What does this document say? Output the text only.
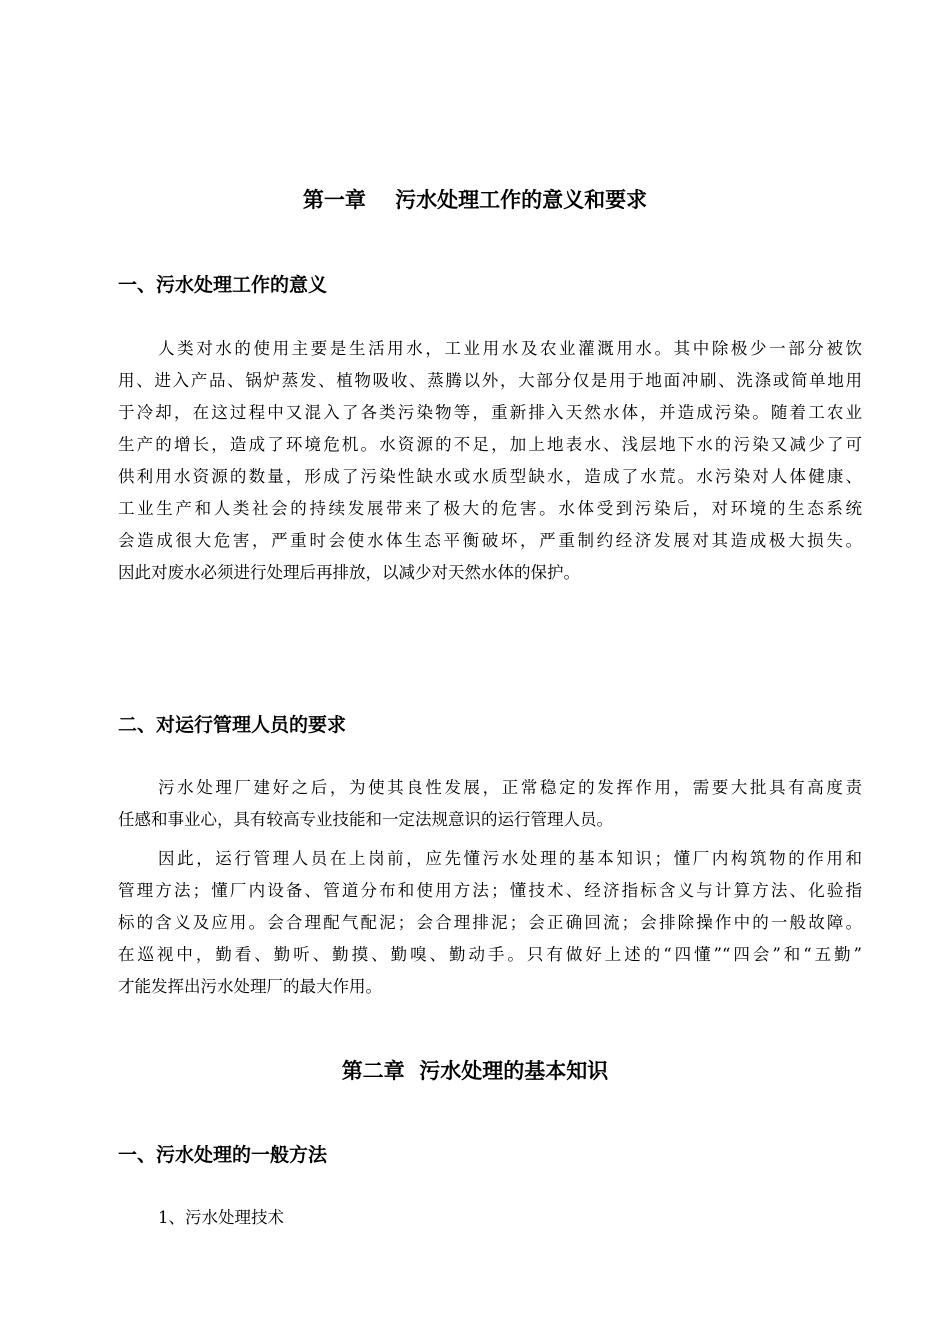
第一章    污水处理工作的意义和要求
一、污水处理工作的意义
人类对水的使用主要是生活用水，工业用水及农业灌溉用水。其中除极少一部分被饮
用、进入产品、锅炉蒸发、植物吸收、蒸腾以外，大部分仅是用于地面冲刷、洗涤或简单地用
于冷却，在这过程中又混入了各类污染物等，重新排入天然水体，并造成污染。随着工农业
生产的增长，造成了环境危机。水资源的不足，加上地表水、浅层地下水的污染又减少了可
供利用水资源的数量，形成了污染性缺水或水质型缺水，造成了水荒。水污染对人体健康、
工业生产和人类社会的持续发展带来了极大的危害。水体受到污染后，对环境的生态系统
会造成很大危害，严重时会使水体生态平衡破坏，严重制约经济发展对其造成极大损失。
因此对废水必须进行处理后再排放，以减少对天然水体的保护。
二、对运行管理人员的要求
污水处理厂建好之后，为使其良性发展，正常稳定的发挥作用，需要大批具有高度责
任感和事业心，具有较高专业技能和一定法规意识的运行管理人员。
因此，运行管理人员在上岗前，应先懂污水处理的基本知识；懂厂内构筑物的作用和
管理方法；懂厂内设备、管道分布和使用方法；懂技术、经济指标含义与计算方法、化验指
标的含义及应用。会合理配气配泥；会合理排泥；会正确回流；会排除操作中的一般故障。
在巡视中，勤看、勤听、勤摸、勤嗅、勤动手。只有做好上述的“四懂”“四会”和“五勤”
才能发挥出污水处理厂的最大作用。
第二章  污水处理的基本知识
一、污水处理的一般方法

1、污水处理技术
